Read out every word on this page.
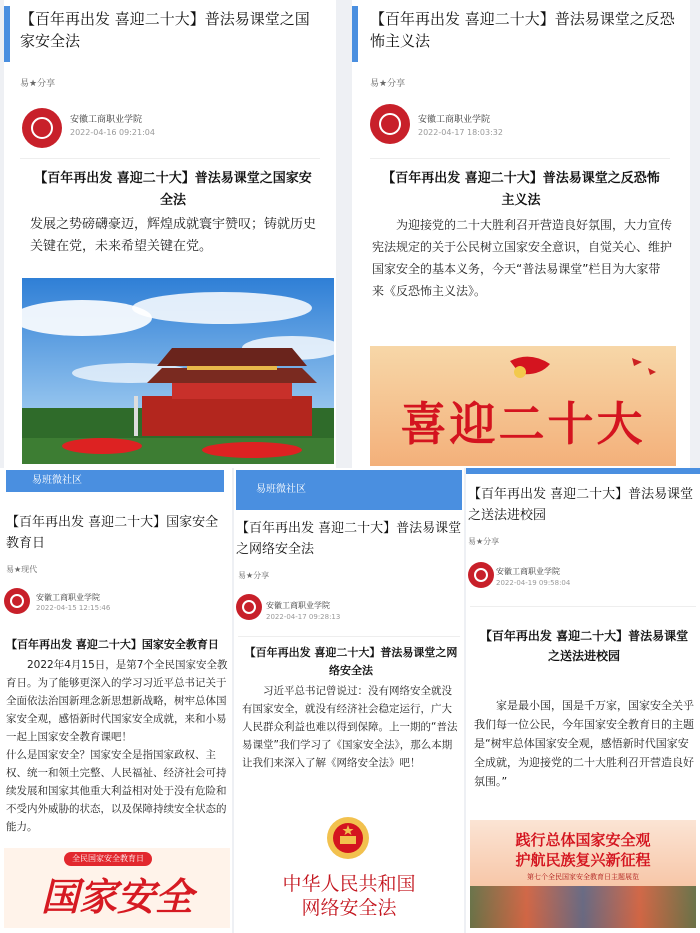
【百年再出发 喜迎二十大】普法易课堂之国家安全法
易★分享
安徽工商职业学院
2022-04-16 09:21:04
【百年再出发 喜迎二十大】普法易课堂之国家安全法
发展之势磅礴豪迈，辉煌成就寰宇赞叹；铸就历史关键在党，未来希望关键在党。
【百年再出发 喜迎二十大】普法易课堂之反恐怖主义法
易★分享
安徽工商职业学院
2022-04-17 18:03:32
【百年再出发 喜迎二十大】普法易课堂之反恐怖主义法
为迎接党的二十大胜利召开营造良好氛围，大力宣传宪法规定的关于公民树立国家安全意识，自觉关心、维护国家安全的基本义务，今天“普法易课堂”栏目为大家带来《反恐怖主义法》。
喜迎二十大
易班微社区
【百年再出发 喜迎二十大】国家安全教育日
易★现代
安徽工商职业学院
2022-04-15 12:15:46
【百年再出发 喜迎二十大】国家安全教育日
2022年4月15日，是第7个全民国家安全教育日。为了能够更深入的学习习近平总书记关于全面依法治国新理念新思想新战略，树牢总体国家安全观，感悟新时代国家安全成就，来和小易一起上国家安全教育课吧！
什么是国家安全？国家安全是指国家政权、主权、统一和领土完整、人民福祉、经济社会可持续发展和国家其他重大利益相对处于没有危险和不受内外威胁的状态，以及保障持续安全状态的能力。
全民国家安全教育日
国家安全
易班微社区
【百年再出发 喜迎二十大】普法易课堂之网络安全法
易★分享
安徽工商职业学院
2022-04-17 09:28:13
【百年再出发 喜迎二十大】普法易课堂之网络安全法
习近平总书记曾说过：没有网络安全就没有国家安全，就没有经济社会稳定运行，广大人民群众利益也难以得到保障。上一期的“普法易课堂”我们学习了《国家安全法》，那么本期让我们来深入了解《网络安全法》吧！
中华人民共和国
网络安全法
【百年再出发 喜迎二十大】普法易课堂之送法进校园
易★分享
安徽工商职业学院
2022-04-19 09:58:04
【百年再出发 喜迎二十大】普法易课堂之送法进校园
家是最小国，国是千万家，国家安全关乎我们每一位公民，今年国家安全教育日的主题是“树牢总体国家安全观，感悟新时代国家安全成就，为迎接党的二十大胜利召开营造良好氛围。”
践行总体国家安全观
护航民族复兴新征程
第七个全民国家安全教育日主题展览
